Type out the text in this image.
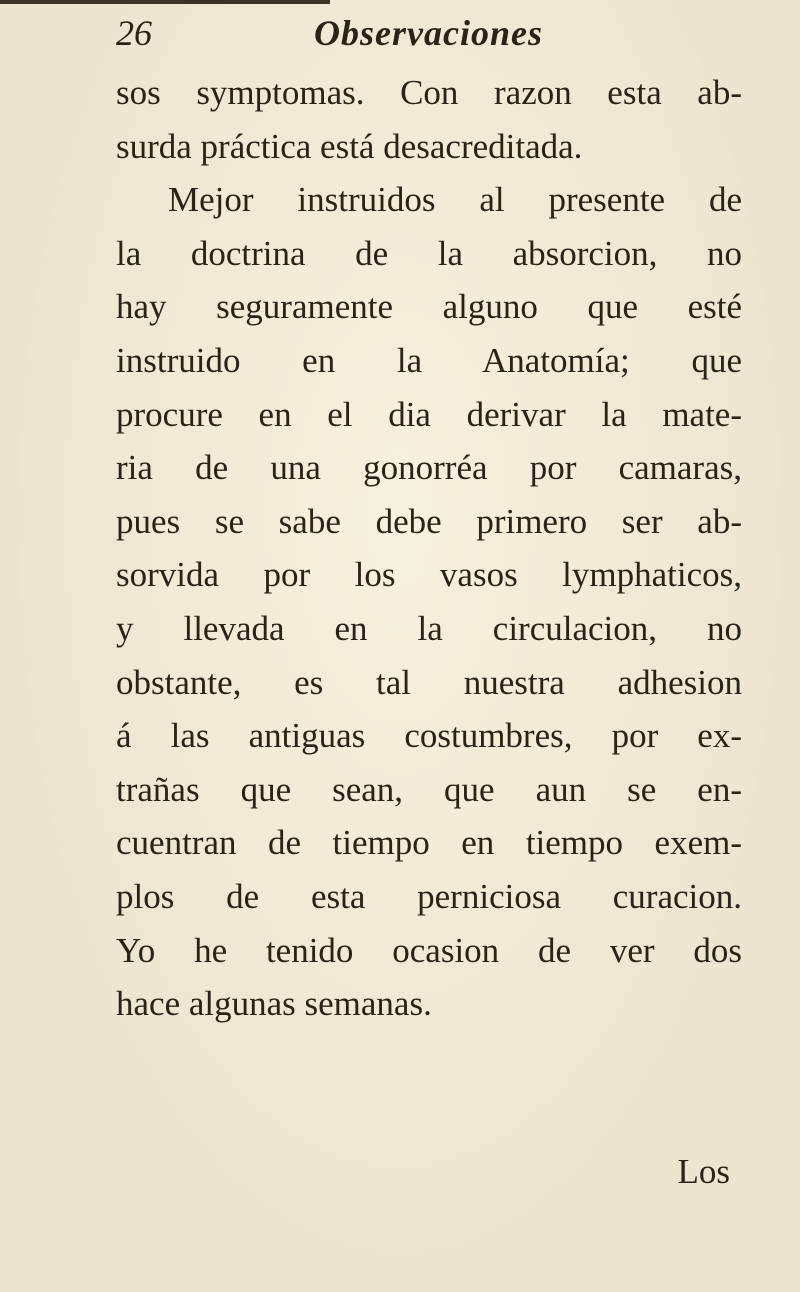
26	Observaciones
sos symptomas. Con razon esta ab-
surda práctica está desacreditada.
Mejor instruidos al presente de
la doctrina de la absorcion, no
hay seguramente alguno que esté
instruido en la Anatomía; que
procure en el dia derivar la mate-
ria de una gonorréa por camaras,
pues se sabe debe primero ser ab-
sorvida por los vasos lymphaticos,
y llevada en la circulacion, no
obstante, es tal nuestra adhesion
á las antiguas costumbres, por ex-
trañas que sean, que aun se en-
cuentran de tiempo en tiempo exem-
plos de esta perniciosa curacion.
Yo he tenido ocasion de ver dos
hace algunas semanas.
Los
